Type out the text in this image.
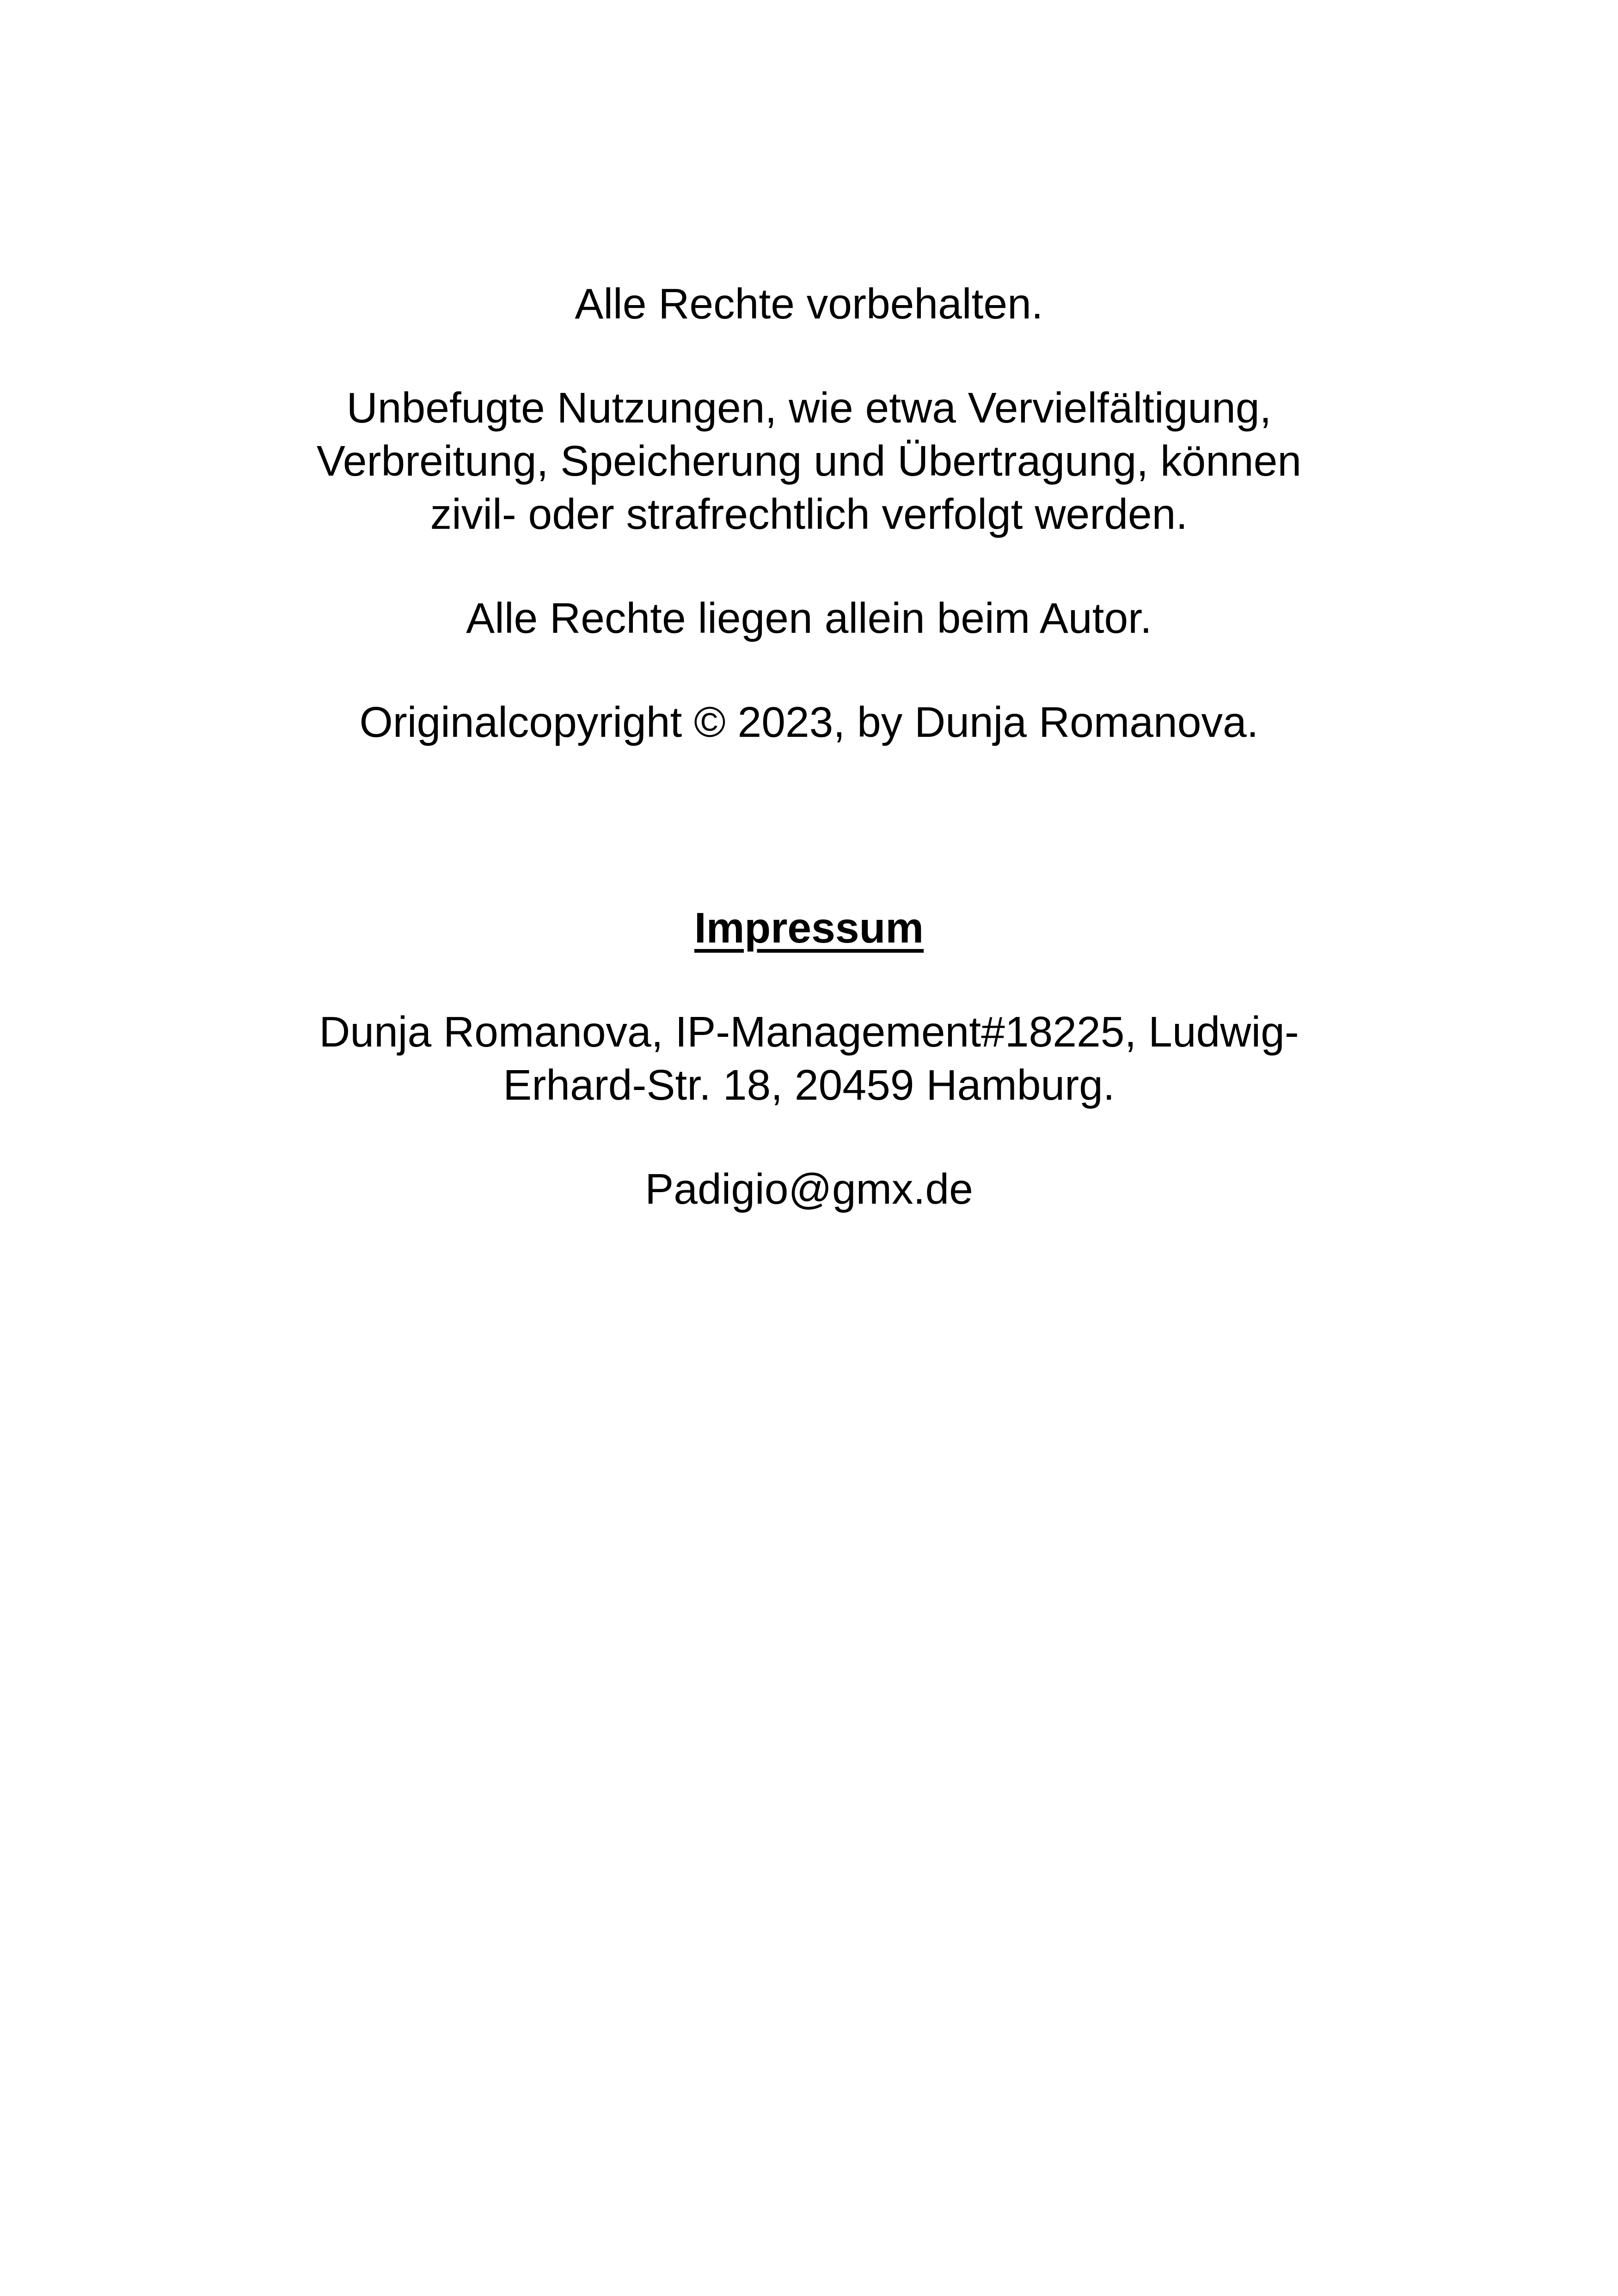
Alle Rechte vorbehalten.

Unbefugte Nutzungen, wie etwa Vervielfältigung,
Verbreitung, Speicherung und Übertragung, können
zivil- oder strafrechtlich verfolgt werden.

Alle Rechte liegen allein beim Autor.

Originalcopyright © 2023, by Dunja Romanova.

Impressum

Dunja Romanova, IP-Management#18225, Ludwig-
Erhard-Str. 18, 20459 Hamburg.

Padigio@gmx.de
